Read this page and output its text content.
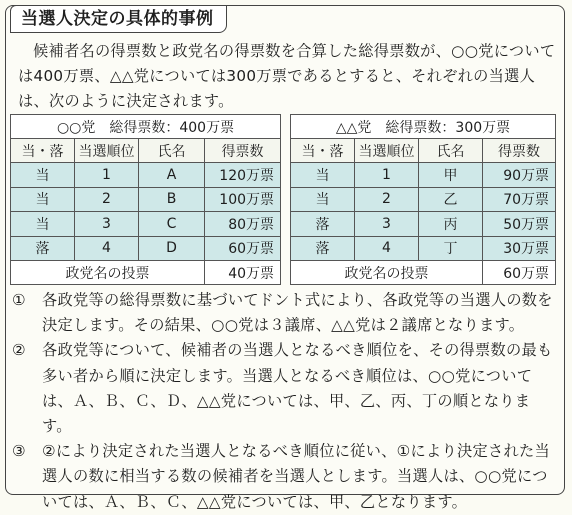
当選人決定の具体的事例

候補者名の得票数と政党名の得票数を合算した総得票数が、○○党については400万票、△△党については300万票であるとすると、それぞれの当選人は、次のように決定されます。

○○党　総得票数：400万票			
当・落	当選順位	氏名	得票数
当	1	A	120万票
当	2	B	100万票
当	3	C	80万票
落	4	D	60万票
政党名の投票			40万票
△△党　総得票数：300万票			
当・落	当選順位	氏名	得票数
当	1	甲	90万票
当	2	乙	70万票
落	3	丙	50万票
落	4	丁	30万票
政党名の投票			60万票
①	各政党等の総得票数に基づいてドント式により、各政党等の当選人の数を決定します。その結果、○○党は３議席、△△党は２議席となります。
②	各政党等について、候補者の当選人となるべき順位を、その得票数の最も多い者から順に決定します。当選人となるべき順位は、○○党については、Ａ、Ｂ、Ｃ、Ｄ、△△党については、甲、乙、丙、丁の順となります。
③	②により決定された当選人となるべき順位に従い、①により決定された当選人の数に相当する数の候補者を当選人とします。当選人は、○○党については、Ａ、Ｂ、Ｃ、△△党については、甲、乙となります。
